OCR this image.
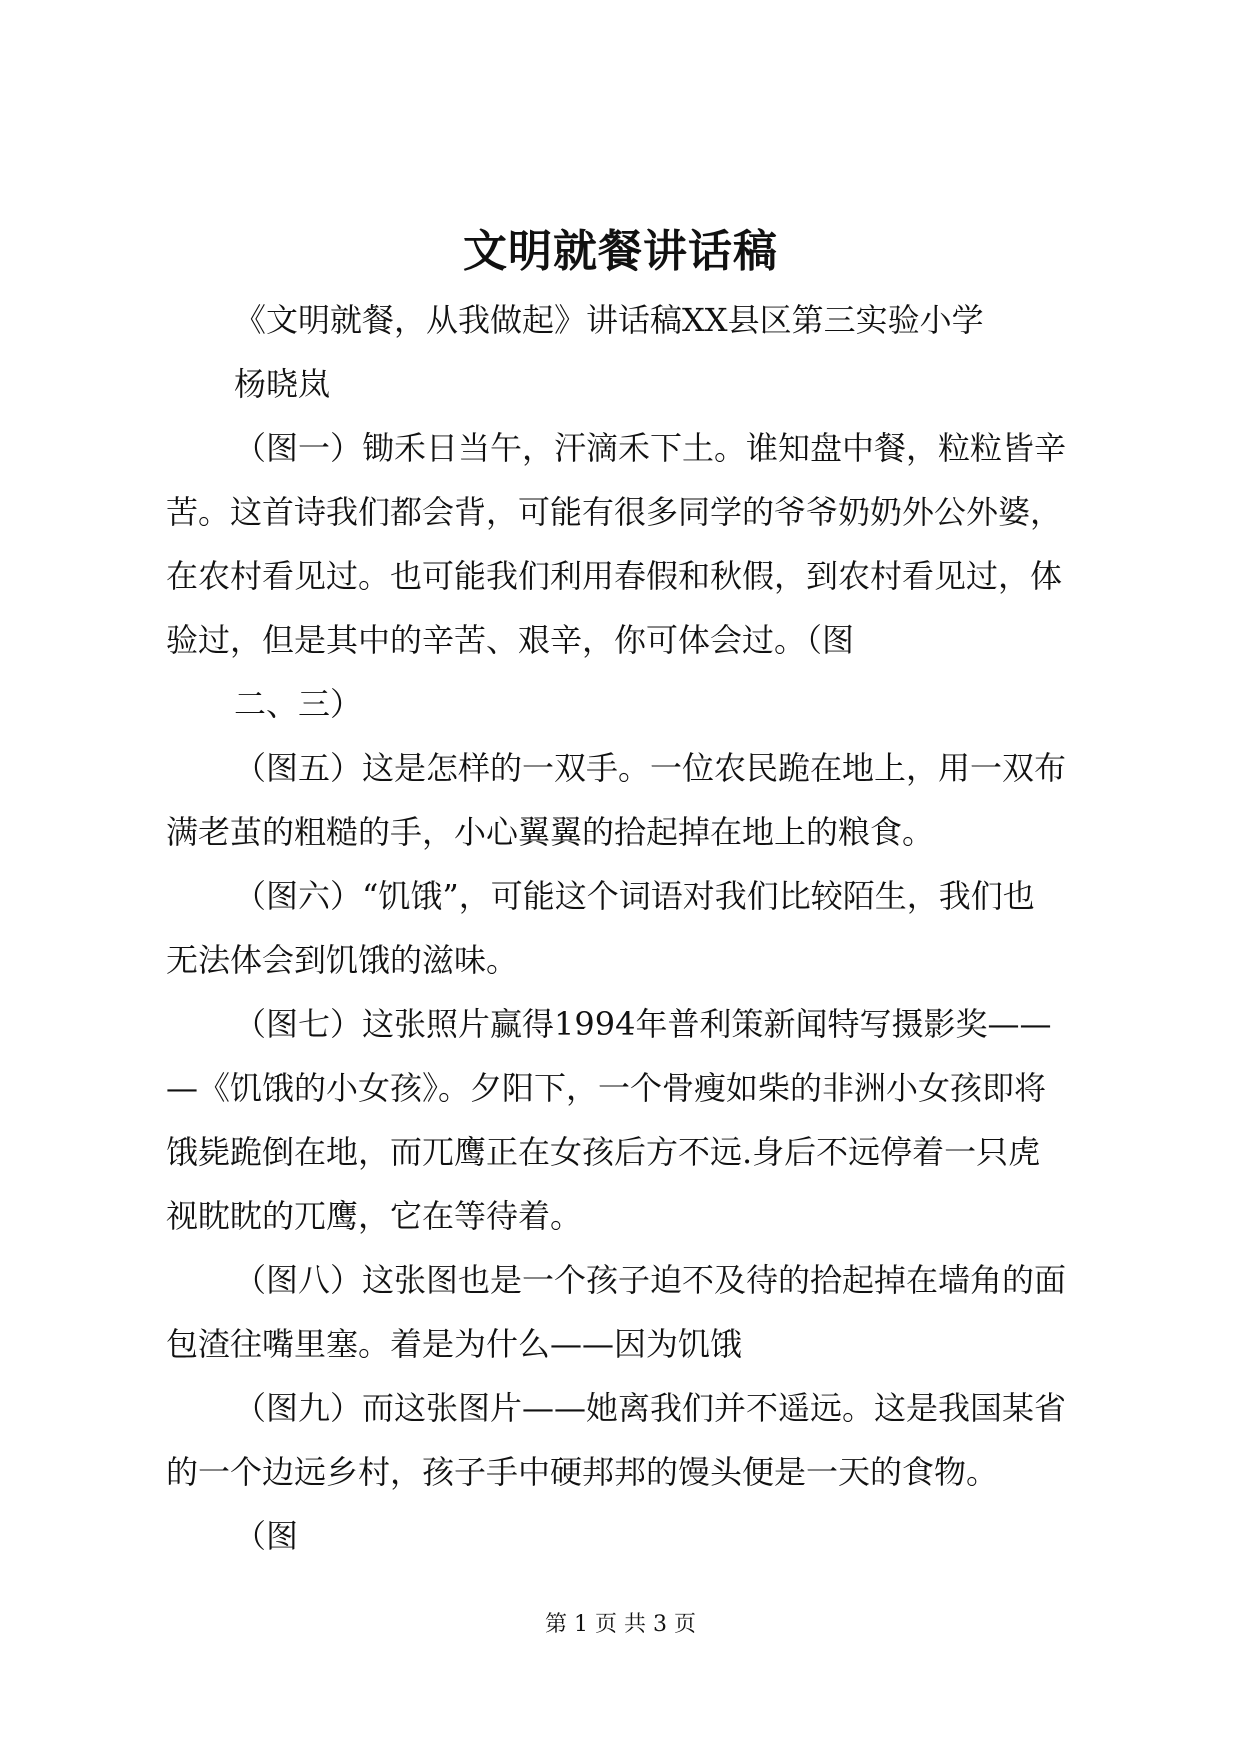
文明就餐讲话稿
《文明就餐，从我做起》讲话稿XX县区第三实验小学
杨晓岚
（图一）锄禾日当午，汗滴禾下土。谁知盘中餐，粒粒皆辛
苦。这首诗我们都会背，可能有很多同学的爷爷奶奶外公外婆，
在农村看见过。也可能我们利用春假和秋假，到农村看见过，体
验过，但是其中的辛苦、艰辛，你可体会过。（图
二、三）
（图五）这是怎样的一双手。一位农民跪在地上，用一双布
满老茧的粗糙的手，小心翼翼的拾起掉在地上的粮食。
（图六）“饥饿”，可能这个词语对我们比较陌生，我们也
无法体会到饥饿的滋味。
（图七）这张照片赢得1994年普利策新闻特写摄影奖——
—《饥饿的小女孩》。夕阳下，一个骨瘦如柴的非洲小女孩即将
饿毙跪倒在地，而兀鹰正在女孩后方不远.身后不远停着一只虎
视眈眈的兀鹰，它在等待着。
（图八）这张图也是一个孩子迫不及待的拾起掉在墙角的面
包渣往嘴里塞。着是为什么——因为饥饿
（图九）而这张图片——她离我们并不遥远。这是我国某省
的一个边远乡村，孩子手中硬邦邦的馒头便是一天的食物。
（图
第 1 页 共 3 页
